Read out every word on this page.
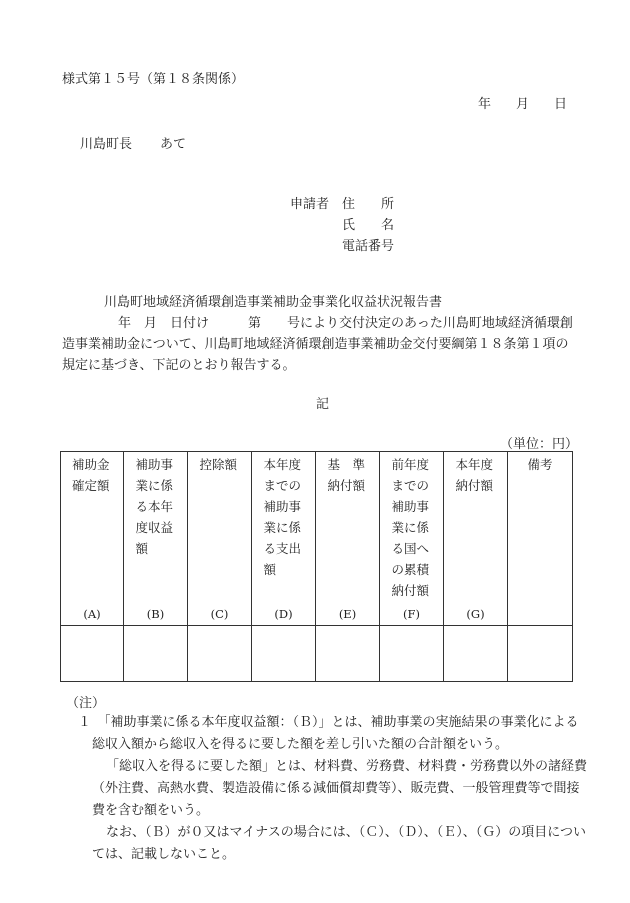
様式第１５号（第１８条関係）
年 月 日
川島町長 あて
申請者 住　　所
氏　　名
電話番号
川島町地域経済循環創造事業補助金事業化収益状況報告書
年　月　日付け　　　第　　号により交付決定のあった川島町地域経済循環創
造事業補助金について、川島町地域経済循環創造事業補助金交付要綱第１８条第１項の
規定に基づき、下記のとおり報告する。
記
（単位：円）
補助金確定額	補助事業に係る本年度収益額	控除額	本年度までの補助事業に係る支出額	基　準納付額	前年度までの補助事業に係る国への累積納付額	本年度納付額	備考
(A)	(B)	(C)	(D)	(E)	(F)	(G)	

（注）

１　 「補助事業に係る本年度収益額：（Ｂ）」とは、補助事業の実施結果の事業化による総収入額から総収入を得るに要した額を差し引いた額の合計額をいう。

「総収入を得るに要した額」とは、材料費、労務費、材料費・労務費以外の諸経費（外注費、高熱水費、製造設備に係る減価償却費等）、販売費、一般管理費等で間接費を含む額をいう。

なお、（Ｂ）が０又はマイナスの場合には、（Ｃ）、（Ｄ）、（Ｅ）、（Ｇ）の項目については、記載しないこと。
